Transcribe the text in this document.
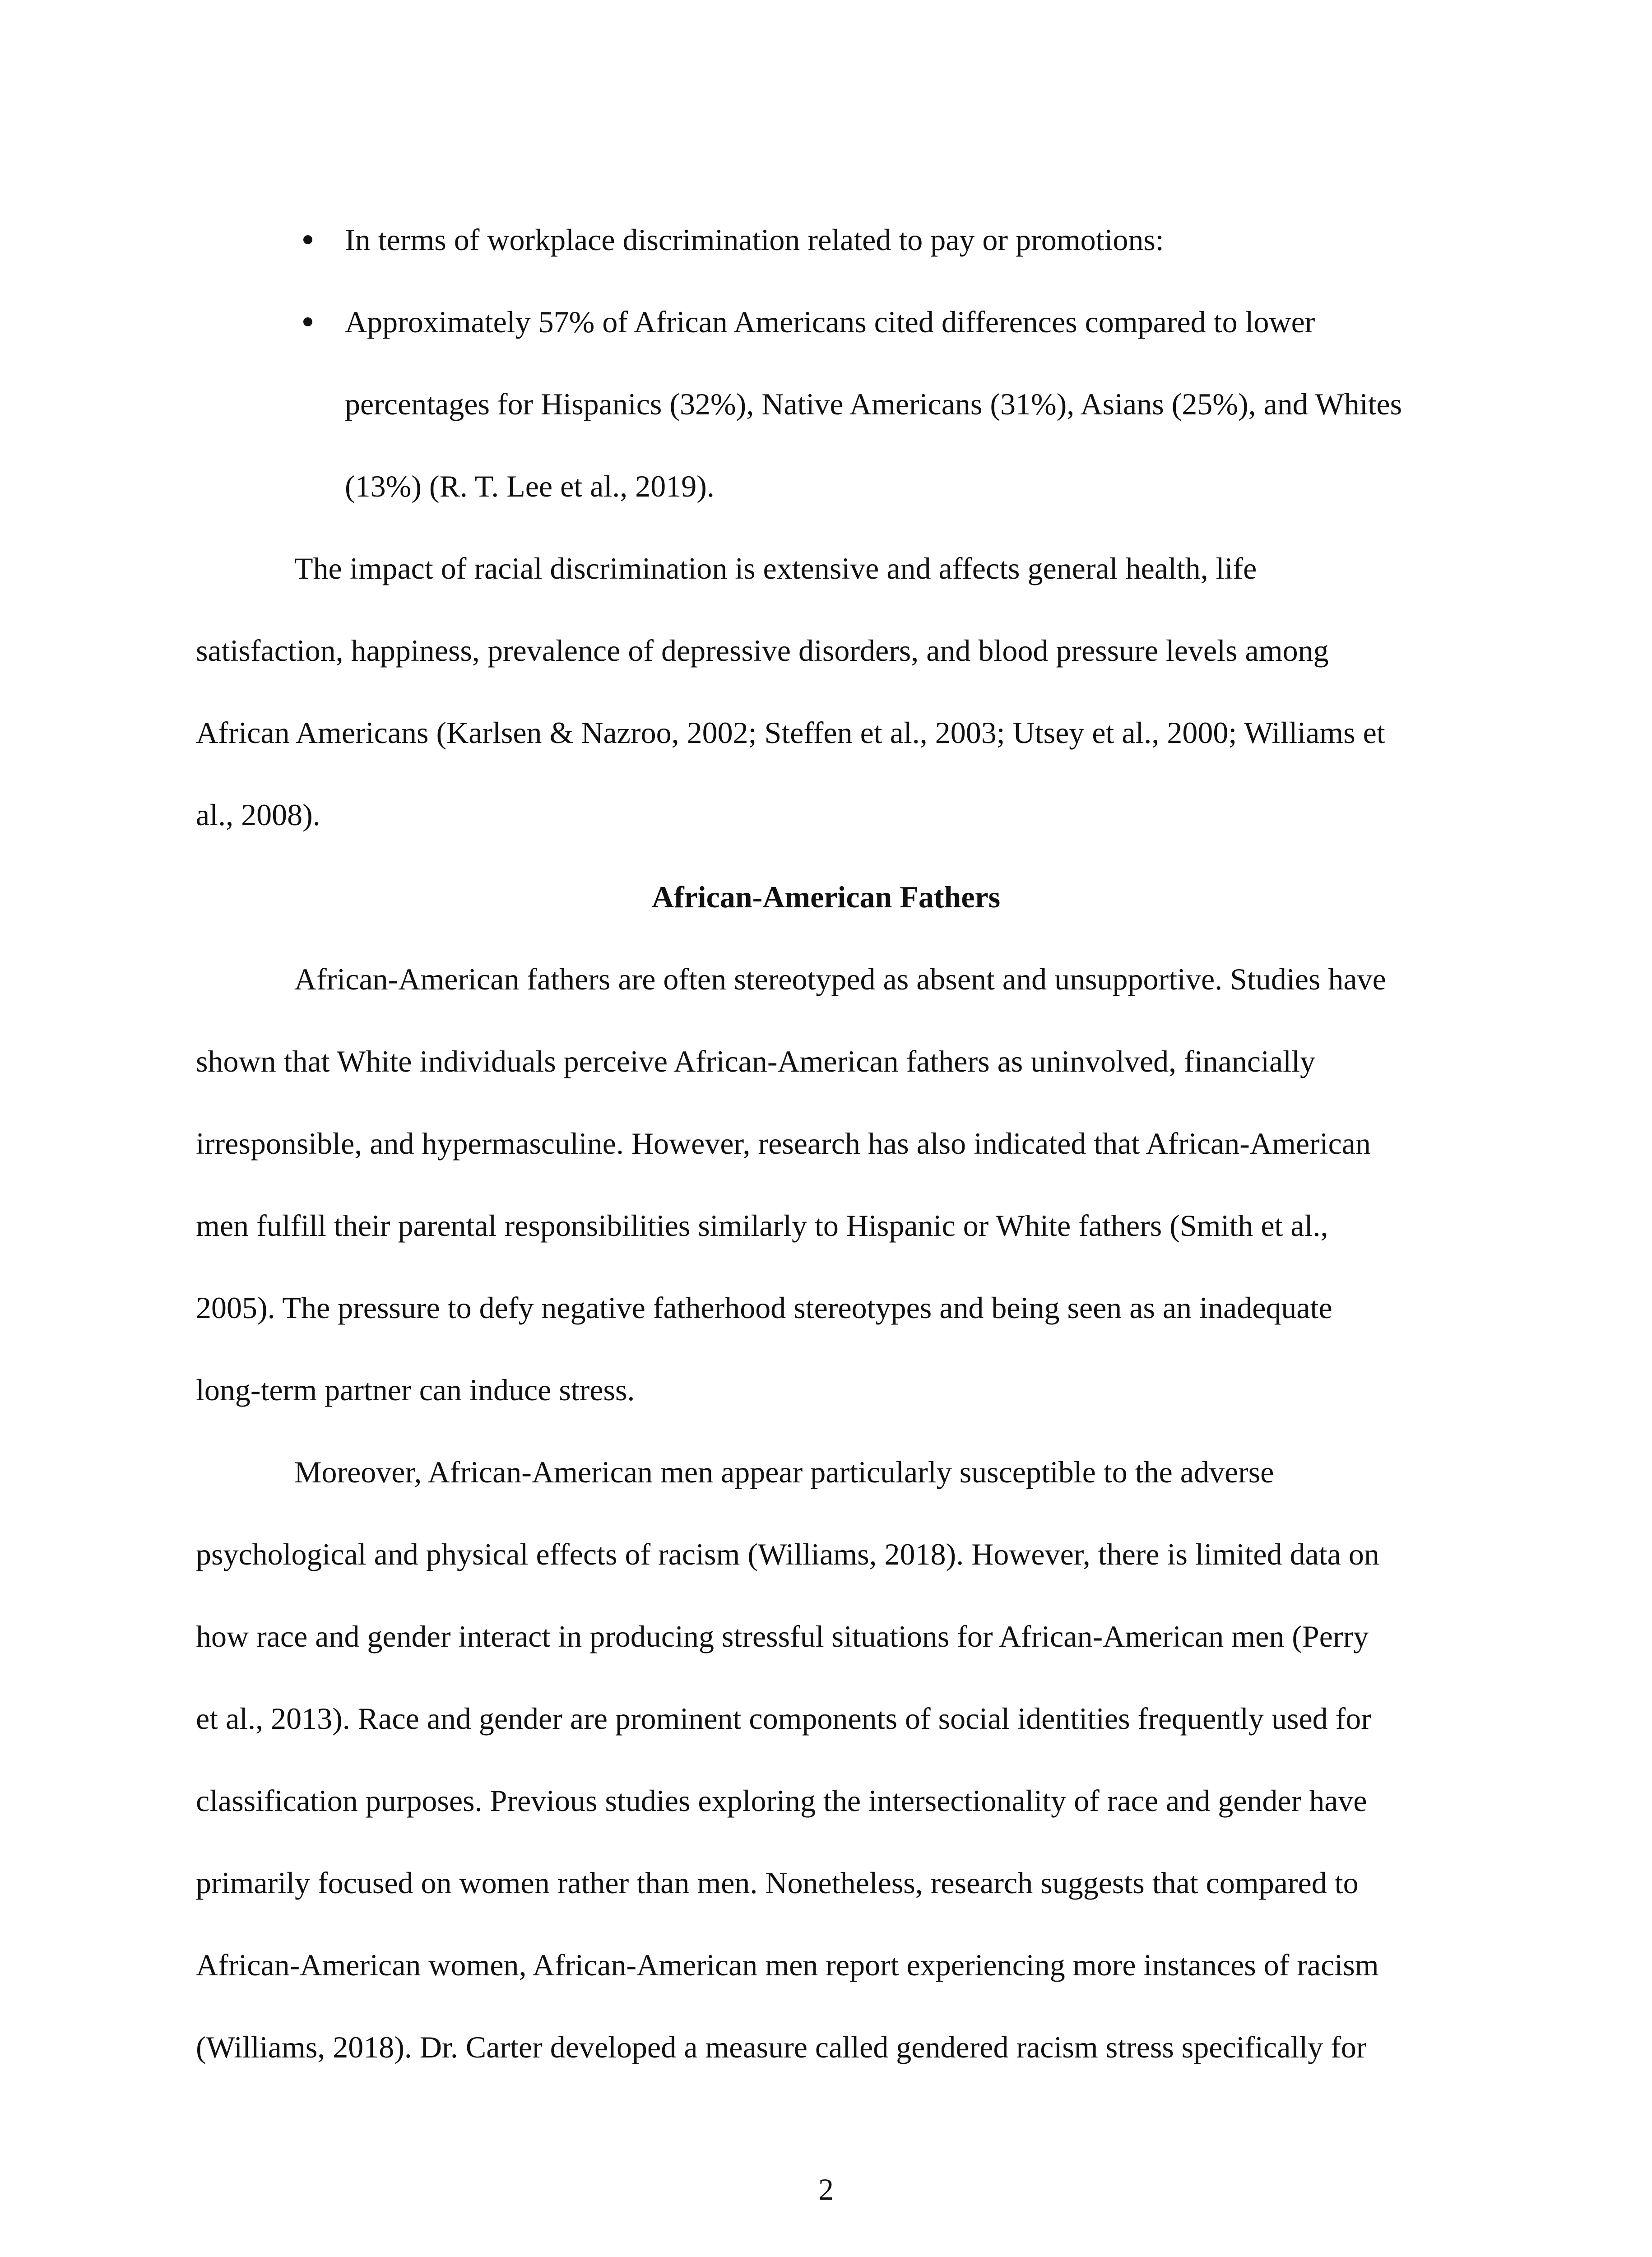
In terms of workplace discrimination related to pay or promotions:
Approximately 57% of African Americans cited differences compared to lower
percentages for Hispanics (32%), Native Americans (31%), Asians (25%), and Whites
(13%) (R. T. Lee et al., 2019).
The impact of racial discrimination is extensive and affects general health, life
satisfaction, happiness, prevalence of depressive disorders, and blood pressure levels among
African Americans (Karlsen & Nazroo, 2002; Steffen et al., 2003; Utsey et al., 2000; Williams et
al., 2008).
African-American Fathers
African-American fathers are often stereotyped as absent and unsupportive. Studies have
shown that White individuals perceive African-American fathers as uninvolved, financially
irresponsible, and hypermasculine. However, research has also indicated that African-American
men fulfill their parental responsibilities similarly to Hispanic or White fathers (Smith et al.,
2005). The pressure to defy negative fatherhood stereotypes and being seen as an inadequate
long-term partner can induce stress.
Moreover, African-American men appear particularly susceptible to the adverse
psychological and physical effects of racism (Williams, 2018). However, there is limited data on
how race and gender interact in producing stressful situations for African-American men (Perry
et al., 2013). Race and gender are prominent components of social identities frequently used for
classification purposes. Previous studies exploring the intersectionality of race and gender have
primarily focused on women rather than men. Nonetheless, research suggests that compared to
African-American women, African-American men report experiencing more instances of racism
(Williams, 2018). Dr. Carter developed a measure called gendered racism stress specifically for
2
